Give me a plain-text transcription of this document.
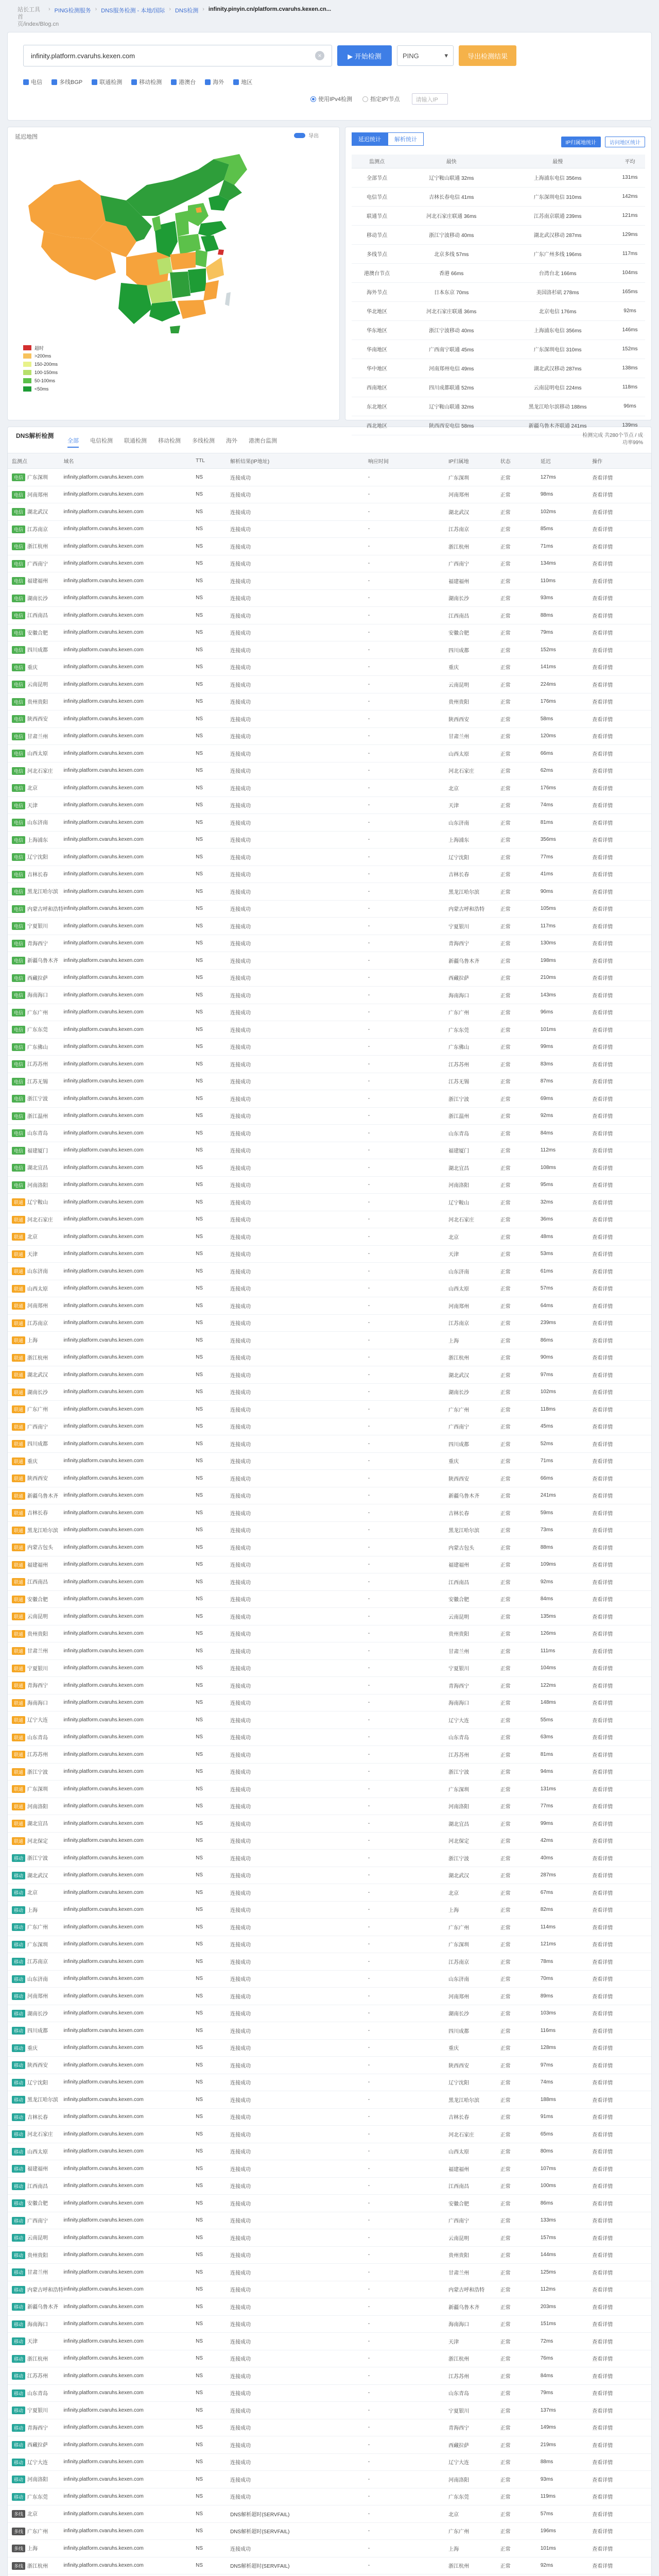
站长工具首页/index/Blog.cn
› PING检测服务 › DNS服务检测 - 本地/国际 › DNS检测 › infinity.pinyin.cn/platform.cvaruhs.kexen.cn...
infinity.platform.cvaruhs.kexen.com	×	▶ 开始检测	PING	▾	导出检测结果
电信	多线BGP	联通检测	移动检测	港澳台	海外	地区
使用IPv4检测	指定IP/节点	请输入IP
延迟地图	导出
超时
>200ms
150-200ms
100-150ms
50-100ms
<50ms
延迟统计	解析统计
IP归属地统计	访问地区统计
监测点	最快	最慢	平均
全部节点	辽宁鞍山联通 32ms	上海浦东电信 356ms	131ms
电信节点	吉林长春电信 41ms	广东深圳电信 310ms	142ms
联通节点	河北石家庄联通 36ms	江苏南京联通 239ms	121ms
移动节点	浙江宁波移动 40ms	湖北武汉移动 287ms	129ms
多线节点	北京多线 57ms	广东广州多线 196ms	117ms
港澳台节点	香港 66ms	台湾台北 166ms	104ms
海外节点	日本东京 70ms	美国洛杉矶 278ms	165ms
华北地区	河北石家庄联通 36ms	北京电信 176ms	92ms
华东地区	浙江宁波移动 40ms	上海浦东电信 356ms	146ms
华南地区	广西南宁联通 45ms	广东深圳电信 310ms	152ms
华中地区	河南郑州电信 49ms	湖北武汉移动 287ms	138ms
西南地区	四川成都联通 52ms	云南昆明电信 224ms	118ms
东北地区	辽宁鞍山联通 32ms	黑龙江哈尔滨移动 188ms	96ms
西北地区	陕西西安电信 58ms	新疆乌鲁木齐联通 241ms	139ms
DNS解析检测
全部 电信检测 联通检测 移动检测 多线检测 海外 港澳台监测
检测完成 共280个节点 / 成功率99%
监测点	域名	TTL	解析结果(IP地址)	响应时间	IP归属地	状态	延迟	操作
电信 广东深圳	infinity.platform.cvaruhs.kexen.com	NS	连接成功	-	广东深圳	正常	127ms	查看详情
电信 河南郑州	infinity.platform.cvaruhs.kexen.com	NS	连接成功	-	河南郑州	正常	98ms	查看详情
电信 湖北武汉	infinity.platform.cvaruhs.kexen.com	NS	连接成功	-	湖北武汉	正常	102ms	查看详情
电信 江苏南京	infinity.platform.cvaruhs.kexen.com	NS	连接成功	-	江苏南京	正常	85ms	查看详情
电信 浙江杭州	infinity.platform.cvaruhs.kexen.com	NS	连接成功	-	浙江杭州	正常	71ms	查看详情
电信 广西南宁	infinity.platform.cvaruhs.kexen.com	NS	连接成功	-	广西南宁	正常	134ms	查看详情
电信 福建福州	infinity.platform.cvaruhs.kexen.com	NS	连接成功	-	福建福州	正常	110ms	查看详情
电信 湖南长沙	infinity.platform.cvaruhs.kexen.com	NS	连接成功	-	湖南长沙	正常	93ms	查看详情
电信 江西南昌	infinity.platform.cvaruhs.kexen.com	NS	连接成功	-	江西南昌	正常	88ms	查看详情
电信 安徽合肥	infinity.platform.cvaruhs.kexen.com	NS	连接成功	-	安徽合肥	正常	79ms	查看详情
电信 四川成都	infinity.platform.cvaruhs.kexen.com	NS	连接成功	-	四川成都	正常	152ms	查看详情
电信 重庆	infinity.platform.cvaruhs.kexen.com	NS	连接成功	-	重庆	正常	141ms	查看详情
电信 云南昆明	infinity.platform.cvaruhs.kexen.com	NS	连接成功	-	云南昆明	正常	224ms	查看详情
电信 贵州贵阳	infinity.platform.cvaruhs.kexen.com	NS	连接成功	-	贵州贵阳	正常	176ms	查看详情
电信 陕西西安	infinity.platform.cvaruhs.kexen.com	NS	连接成功	-	陕西西安	正常	58ms	查看详情
电信 甘肃兰州	infinity.platform.cvaruhs.kexen.com	NS	连接成功	-	甘肃兰州	正常	120ms	查看详情
电信 山西太原	infinity.platform.cvaruhs.kexen.com	NS	连接成功	-	山西太原	正常	66ms	查看详情
电信 河北石家庄	infinity.platform.cvaruhs.kexen.com	NS	连接成功	-	河北石家庄	正常	62ms	查看详情
电信 北京	infinity.platform.cvaruhs.kexen.com	NS	连接成功	-	北京	正常	176ms	查看详情
电信 天津	infinity.platform.cvaruhs.kexen.com	NS	连接成功	-	天津	正常	74ms	查看详情
电信 山东济南	infinity.platform.cvaruhs.kexen.com	NS	连接成功	-	山东济南	正常	81ms	查看详情
电信 上海浦东	infinity.platform.cvaruhs.kexen.com	NS	连接成功	-	上海浦东	正常	356ms	查看详情
电信 辽宁沈阳	infinity.platform.cvaruhs.kexen.com	NS	连接成功	-	辽宁沈阳	正常	77ms	查看详情
电信 吉林长春	infinity.platform.cvaruhs.kexen.com	NS	连接成功	-	吉林长春	正常	41ms	查看详情
电信 黑龙江哈尔滨	infinity.platform.cvaruhs.kexen.com	NS	连接成功	-	黑龙江哈尔滨	正常	90ms	查看详情
电信 内蒙古呼和浩特	infinity.platform.cvaruhs.kexen.com	NS	连接成功	-	内蒙古呼和浩特	正常	105ms	查看详情
电信 宁夏银川	infinity.platform.cvaruhs.kexen.com	NS	连接成功	-	宁夏银川	正常	117ms	查看详情
电信 青海西宁	infinity.platform.cvaruhs.kexen.com	NS	连接成功	-	青海西宁	正常	130ms	查看详情
电信 新疆乌鲁木齐	infinity.platform.cvaruhs.kexen.com	NS	连接成功	-	新疆乌鲁木齐	正常	198ms	查看详情
电信 西藏拉萨	infinity.platform.cvaruhs.kexen.com	NS	连接成功	-	西藏拉萨	正常	210ms	查看详情
电信 海南海口	infinity.platform.cvaruhs.kexen.com	NS	连接成功	-	海南海口	正常	143ms	查看详情
电信 广东广州	infinity.platform.cvaruhs.kexen.com	NS	连接成功	-	广东广州	正常	96ms	查看详情
电信 广东东莞	infinity.platform.cvaruhs.kexen.com	NS	连接成功	-	广东东莞	正常	101ms	查看详情
电信 广东佛山	infinity.platform.cvaruhs.kexen.com	NS	连接成功	-	广东佛山	正常	99ms	查看详情
电信 江苏苏州	infinity.platform.cvaruhs.kexen.com	NS	连接成功	-	江苏苏州	正常	83ms	查看详情
电信 江苏无锡	infinity.platform.cvaruhs.kexen.com	NS	连接成功	-	江苏无锡	正常	87ms	查看详情
电信 浙江宁波	infinity.platform.cvaruhs.kexen.com	NS	连接成功	-	浙江宁波	正常	69ms	查看详情
电信 浙江温州	infinity.platform.cvaruhs.kexen.com	NS	连接成功	-	浙江温州	正常	92ms	查看详情
电信 山东青岛	infinity.platform.cvaruhs.kexen.com	NS	连接成功	-	山东青岛	正常	84ms	查看详情
电信 福建厦门	infinity.platform.cvaruhs.kexen.com	NS	连接成功	-	福建厦门	正常	112ms	查看详情
电信 湖北宜昌	infinity.platform.cvaruhs.kexen.com	NS	连接成功	-	湖北宜昌	正常	108ms	查看详情
电信 河南洛阳	infinity.platform.cvaruhs.kexen.com	NS	连接成功	-	河南洛阳	正常	95ms	查看详情
联通 辽宁鞍山	infinity.platform.cvaruhs.kexen.com	NS	连接成功	-	辽宁鞍山	正常	32ms	查看详情
联通 河北石家庄	infinity.platform.cvaruhs.kexen.com	NS	连接成功	-	河北石家庄	正常	36ms	查看详情
联通 北京	infinity.platform.cvaruhs.kexen.com	NS	连接成功	-	北京	正常	48ms	查看详情
联通 天津	infinity.platform.cvaruhs.kexen.com	NS	连接成功	-	天津	正常	53ms	查看详情
联通 山东济南	infinity.platform.cvaruhs.kexen.com	NS	连接成功	-	山东济南	正常	61ms	查看详情
联通 山西太原	infinity.platform.cvaruhs.kexen.com	NS	连接成功	-	山西太原	正常	57ms	查看详情
联通 河南郑州	infinity.platform.cvaruhs.kexen.com	NS	连接成功	-	河南郑州	正常	64ms	查看详情
联通 江苏南京	infinity.platform.cvaruhs.kexen.com	NS	连接成功	-	江苏南京	正常	239ms	查看详情
联通 上海	infinity.platform.cvaruhs.kexen.com	NS	连接成功	-	上海	正常	86ms	查看详情
联通 浙江杭州	infinity.platform.cvaruhs.kexen.com	NS	连接成功	-	浙江杭州	正常	90ms	查看详情
联通 湖北武汉	infinity.platform.cvaruhs.kexen.com	NS	连接成功	-	湖北武汉	正常	97ms	查看详情
联通 湖南长沙	infinity.platform.cvaruhs.kexen.com	NS	连接成功	-	湖南长沙	正常	102ms	查看详情
联通 广东广州	infinity.platform.cvaruhs.kexen.com	NS	连接成功	-	广东广州	正常	118ms	查看详情
联通 广西南宁	infinity.platform.cvaruhs.kexen.com	NS	连接成功	-	广西南宁	正常	45ms	查看详情
联通 四川成都	infinity.platform.cvaruhs.kexen.com	NS	连接成功	-	四川成都	正常	52ms	查看详情
联通 重庆	infinity.platform.cvaruhs.kexen.com	NS	连接成功	-	重庆	正常	71ms	查看详情
联通 陕西西安	infinity.platform.cvaruhs.kexen.com	NS	连接成功	-	陕西西安	正常	66ms	查看详情
联通 新疆乌鲁木齐	infinity.platform.cvaruhs.kexen.com	NS	连接成功	-	新疆乌鲁木齐	正常	241ms	查看详情
联通 吉林长春	infinity.platform.cvaruhs.kexen.com	NS	连接成功	-	吉林长春	正常	59ms	查看详情
联通 黑龙江哈尔滨	infinity.platform.cvaruhs.kexen.com	NS	连接成功	-	黑龙江哈尔滨	正常	73ms	查看详情
联通 内蒙古包头	infinity.platform.cvaruhs.kexen.com	NS	连接成功	-	内蒙古包头	正常	88ms	查看详情
联通 福建福州	infinity.platform.cvaruhs.kexen.com	NS	连接成功	-	福建福州	正常	109ms	查看详情
联通 江西南昌	infinity.platform.cvaruhs.kexen.com	NS	连接成功	-	江西南昌	正常	92ms	查看详情
联通 安徽合肥	infinity.platform.cvaruhs.kexen.com	NS	连接成功	-	安徽合肥	正常	84ms	查看详情
联通 云南昆明	infinity.platform.cvaruhs.kexen.com	NS	连接成功	-	云南昆明	正常	135ms	查看详情
联通 贵州贵阳	infinity.platform.cvaruhs.kexen.com	NS	连接成功	-	贵州贵阳	正常	126ms	查看详情
联通 甘肃兰州	infinity.platform.cvaruhs.kexen.com	NS	连接成功	-	甘肃兰州	正常	111ms	查看详情
联通 宁夏银川	infinity.platform.cvaruhs.kexen.com	NS	连接成功	-	宁夏银川	正常	104ms	查看详情
联通 青海西宁	infinity.platform.cvaruhs.kexen.com	NS	连接成功	-	青海西宁	正常	122ms	查看详情
联通 海南海口	infinity.platform.cvaruhs.kexen.com	NS	连接成功	-	海南海口	正常	148ms	查看详情
联通 辽宁大连	infinity.platform.cvaruhs.kexen.com	NS	连接成功	-	辽宁大连	正常	55ms	查看详情
联通 山东青岛	infinity.platform.cvaruhs.kexen.com	NS	连接成功	-	山东青岛	正常	63ms	查看详情
联通 江苏苏州	infinity.platform.cvaruhs.kexen.com	NS	连接成功	-	江苏苏州	正常	81ms	查看详情
联通 浙江宁波	infinity.platform.cvaruhs.kexen.com	NS	连接成功	-	浙江宁波	正常	94ms	查看详情
联通 广东深圳	infinity.platform.cvaruhs.kexen.com	NS	连接成功	-	广东深圳	正常	131ms	查看详情
联通 河南洛阳	infinity.platform.cvaruhs.kexen.com	NS	连接成功	-	河南洛阳	正常	77ms	查看详情
联通 湖北宜昌	infinity.platform.cvaruhs.kexen.com	NS	连接成功	-	湖北宜昌	正常	99ms	查看详情
联通 河北保定	infinity.platform.cvaruhs.kexen.com	NS	连接成功	-	河北保定	正常	42ms	查看详情
移动 浙江宁波	infinity.platform.cvaruhs.kexen.com	NS	连接成功	-	浙江宁波	正常	40ms	查看详情
移动 湖北武汉	infinity.platform.cvaruhs.kexen.com	NS	连接成功	-	湖北武汉	正常	287ms	查看详情
移动 北京	infinity.platform.cvaruhs.kexen.com	NS	连接成功	-	北京	正常	67ms	查看详情
移动 上海	infinity.platform.cvaruhs.kexen.com	NS	连接成功	-	上海	正常	82ms	查看详情
移动 广东广州	infinity.platform.cvaruhs.kexen.com	NS	连接成功	-	广东广州	正常	114ms	查看详情
移动 广东深圳	infinity.platform.cvaruhs.kexen.com	NS	连接成功	-	广东深圳	正常	121ms	查看详情
移动 江苏南京	infinity.platform.cvaruhs.kexen.com	NS	连接成功	-	江苏南京	正常	78ms	查看详情
移动 山东济南	infinity.platform.cvaruhs.kexen.com	NS	连接成功	-	山东济南	正常	70ms	查看详情
移动 河南郑州	infinity.platform.cvaruhs.kexen.com	NS	连接成功	-	河南郑州	正常	89ms	查看详情
移动 湖南长沙	infinity.platform.cvaruhs.kexen.com	NS	连接成功	-	湖南长沙	正常	103ms	查看详情
移动 四川成都	infinity.platform.cvaruhs.kexen.com	NS	连接成功	-	四川成都	正常	116ms	查看详情
移动 重庆	infinity.platform.cvaruhs.kexen.com	NS	连接成功	-	重庆	正常	128ms	查看详情
移动 陕西西安	infinity.platform.cvaruhs.kexen.com	NS	连接成功	-	陕西西安	正常	97ms	查看详情
移动 辽宁沈阳	infinity.platform.cvaruhs.kexen.com	NS	连接成功	-	辽宁沈阳	正常	74ms	查看详情
移动 黑龙江哈尔滨	infinity.platform.cvaruhs.kexen.com	NS	连接成功	-	黑龙江哈尔滨	正常	188ms	查看详情
移动 吉林长春	infinity.platform.cvaruhs.kexen.com	NS	连接成功	-	吉林长春	正常	91ms	查看详情
移动 河北石家庄	infinity.platform.cvaruhs.kexen.com	NS	连接成功	-	河北石家庄	正常	65ms	查看详情
移动 山西太原	infinity.platform.cvaruhs.kexen.com	NS	连接成功	-	山西太原	正常	80ms	查看详情
移动 福建福州	infinity.platform.cvaruhs.kexen.com	NS	连接成功	-	福建福州	正常	107ms	查看详情
移动 江西南昌	infinity.platform.cvaruhs.kexen.com	NS	连接成功	-	江西南昌	正常	100ms	查看详情
移动 安徽合肥	infinity.platform.cvaruhs.kexen.com	NS	连接成功	-	安徽合肥	正常	86ms	查看详情
移动 广西南宁	infinity.platform.cvaruhs.kexen.com	NS	连接成功	-	广西南宁	正常	133ms	查看详情
移动 云南昆明	infinity.platform.cvaruhs.kexen.com	NS	连接成功	-	云南昆明	正常	157ms	查看详情
移动 贵州贵阳	infinity.platform.cvaruhs.kexen.com	NS	连接成功	-	贵州贵阳	正常	144ms	查看详情
移动 甘肃兰州	infinity.platform.cvaruhs.kexen.com	NS	连接成功	-	甘肃兰州	正常	125ms	查看详情
移动 内蒙古呼和浩特	infinity.platform.cvaruhs.kexen.com	NS	连接成功	-	内蒙古呼和浩特	正常	112ms	查看详情
移动 新疆乌鲁木齐	infinity.platform.cvaruhs.kexen.com	NS	连接成功	-	新疆乌鲁木齐	正常	203ms	查看详情
移动 海南海口	infinity.platform.cvaruhs.kexen.com	NS	连接成功	-	海南海口	正常	151ms	查看详情
移动 天津	infinity.platform.cvaruhs.kexen.com	NS	连接成功	-	天津	正常	72ms	查看详情
移动 浙江杭州	infinity.platform.cvaruhs.kexen.com	NS	连接成功	-	浙江杭州	正常	76ms	查看详情
移动 江苏苏州	infinity.platform.cvaruhs.kexen.com	NS	连接成功	-	江苏苏州	正常	84ms	查看详情
移动 山东青岛	infinity.platform.cvaruhs.kexen.com	NS	连接成功	-	山东青岛	正常	79ms	查看详情
移动 宁夏银川	infinity.platform.cvaruhs.kexen.com	NS	连接成功	-	宁夏银川	正常	137ms	查看详情
移动 青海西宁	infinity.platform.cvaruhs.kexen.com	NS	连接成功	-	青海西宁	正常	149ms	查看详情
移动 西藏拉萨	infinity.platform.cvaruhs.kexen.com	NS	连接成功	-	西藏拉萨	正常	219ms	查看详情
移动 辽宁大连	infinity.platform.cvaruhs.kexen.com	NS	连接成功	-	辽宁大连	正常	88ms	查看详情
移动 河南洛阳	infinity.platform.cvaruhs.kexen.com	NS	连接成功	-	河南洛阳	正常	93ms	查看详情
移动 广东东莞	infinity.platform.cvaruhs.kexen.com	NS	连接成功	-	广东东莞	正常	119ms	查看详情
多线 北京	infinity.platform.cvaruhs.kexen.com	NS	DNS解析超时(SERVFAIL)	-	北京	正常	57ms	查看详情
多线 广东广州	infinity.platform.cvaruhs.kexen.com	NS	DNS解析超时(SERVFAIL)	-	广东广州	正常	196ms	查看详情
多线 上海	infinity.platform.cvaruhs.kexen.com	NS	连接成功	-	上海	正常	101ms	查看详情
多线 浙江杭州	infinity.platform.cvaruhs.kexen.com	NS	DNS解析超时(SERVFAIL)	-	浙江杭州	正常	92ms	查看详情
